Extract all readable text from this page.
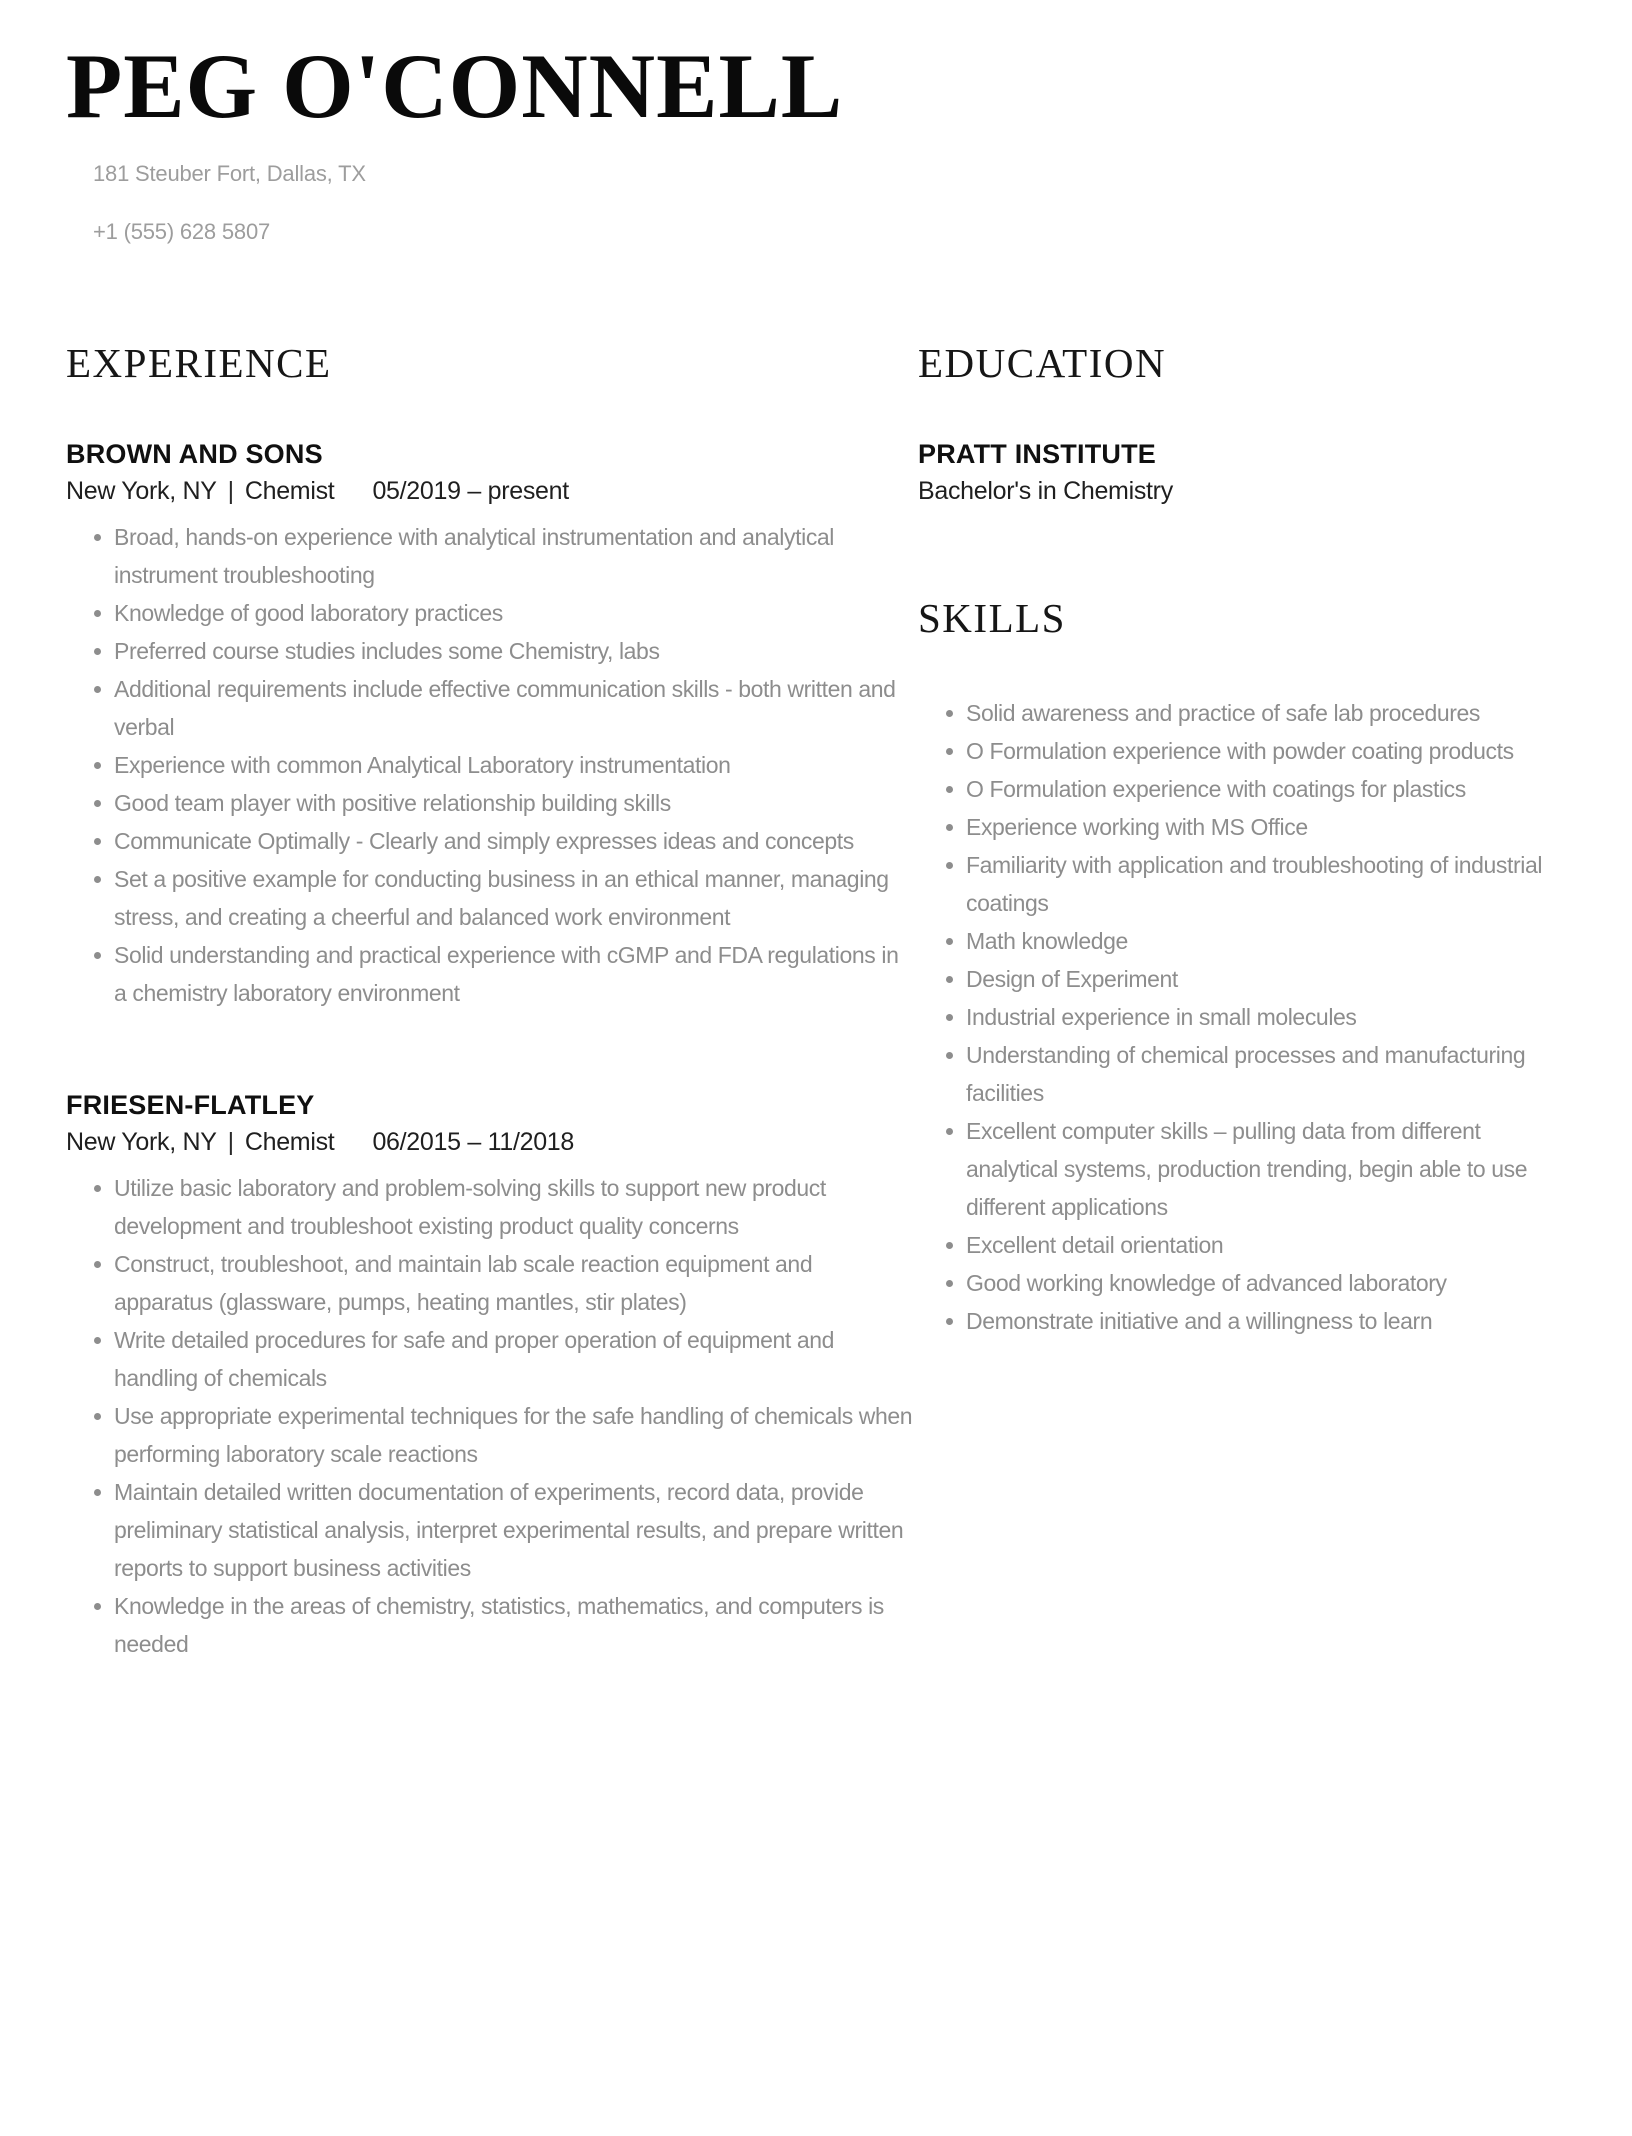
PEG O'CONNELL

181 Steuber Fort, Dallas, TX

+1 (555) 628 5807

EXPERIENCE
BROWN AND SONS

New York, NY | Chemist 05/2019 – present

Broad, hands-on experience with analytical instrumentation and analytical instrument troubleshooting
Knowledge of good laboratory practices
Preferred course studies includes some Chemistry, labs
Additional requirements include effective communication skills - both written and verbal
Experience with common Analytical Laboratory instrumentation
Good team player with positive relationship building skills
Communicate Optimally - Clearly and simply expresses ideas and concepts
Set a positive example for conducting business in an ethical manner, managing stress, and creating a cheerful and balanced work environment
Solid understanding and practical experience with cGMP and FDA regulations in a chemistry laboratory environment
FRIESEN-FLATLEY

New York, NY | Chemist 06/2015 – 11/2018

Utilize basic laboratory and problem-solving skills to support new product development and troubleshoot existing product quality concerns
Construct, troubleshoot, and maintain lab scale reaction equipment and apparatus (glassware, pumps, heating mantles, stir plates)
Write detailed procedures for safe and proper operation of equipment and handling of chemicals
Use appropriate experimental techniques for the safe handling of chemicals when performing laboratory scale reactions
Maintain detailed written documentation of experiments, record data, provide preliminary statistical analysis, interpret experimental results, and prepare written reports to support business activities
Knowledge in the areas of chemistry, statistics, mathematics, and computers is needed
EDUCATION
PRATT INSTITUTE

Bachelor's in Chemistry

SKILLS
Solid awareness and practice of safe lab procedures
O Formulation experience with powder coating products
O Formulation experience with coatings for plastics
Experience working with MS Office
Familiarity with application and troubleshooting of industrial coatings
Math knowledge
Design of Experiment
Industrial experience in small molecules
Understanding of chemical processes and manufacturing facilities
Excellent computer skills – pulling data from different analytical systems, production trending, begin able to use different applications
Excellent detail orientation
Good working knowledge of advanced laboratory
Demonstrate initiative and a willingness to learn
